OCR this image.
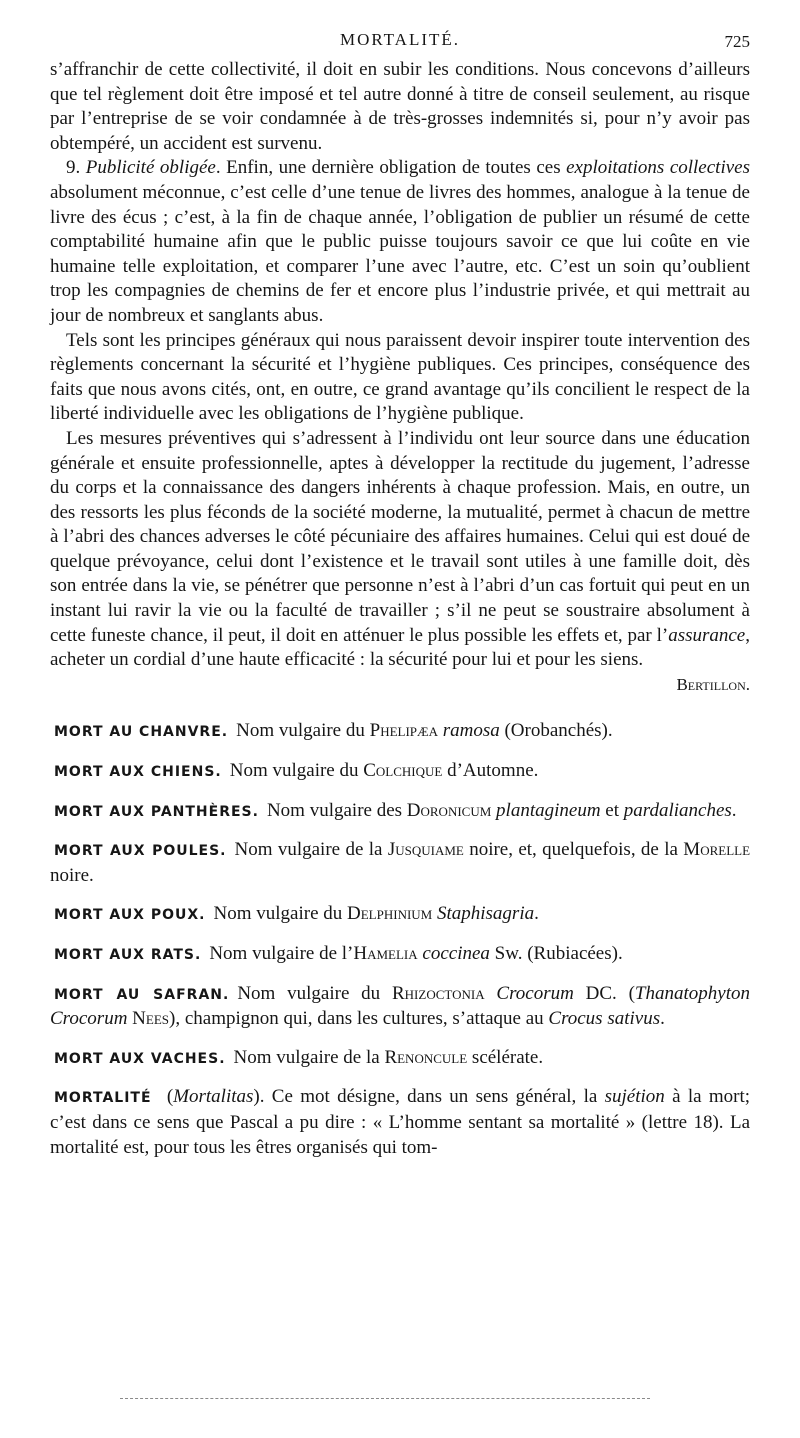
MORTALITÉ.	725

s’affranchir de cette collectivité, il doit en subir les conditions. Nous concevons d’ailleurs que tel règlement doit être imposé et tel autre donné à titre de conseil seulement, au risque par l’entreprise de se voir condamnée à de très-grosses indemnités si, pour n’y avoir pas obtempéré, un accident est survenu.

9. Publicité obligée. Enfin, une dernière obligation de toutes ces exploitations collectives absolument méconnue, c’est celle d’une tenue de livres des hommes, analogue à la tenue de livre des écus ; c’est, à la fin de chaque année, l’obligation de publier un résumé de cette comptabilité humaine afin que le public puisse toujours savoir ce que lui coûte en vie humaine telle exploitation, et comparer l’une avec l’autre, etc. C’est un soin qu’oublient trop les compagnies de chemins de fer et encore plus l’industrie privée, et qui mettrait au jour de nombreux et sanglants abus.

Tels sont les principes généraux qui nous paraissent devoir inspirer toute intervention des règlements concernant la sécurité et l’hygiène publiques. Ces principes, conséquence des faits que nous avons cités, ont, en outre, ce grand avantage qu’ils concilient le respect de la liberté individuelle avec les obligations de l’hygiène publique.

Les mesures préventives qui s’adressent à l’individu ont leur source dans une éducation générale et ensuite professionnelle, aptes à développer la rectitude du jugement, l’adresse du corps et la connaissance des dangers inhérents à chaque profession. Mais, en outre, un des ressorts les plus féconds de la société moderne, la mutualité, permet à chacun de mettre à l’abri des chances adverses le côté pécuniaire des affaires humaines. Celui qui est doué de quelque prévoyance, celui dont l’existence et le travail sont utiles à une famille doit, dès son entrée dans la vie, se pénétrer que personne n’est à l’abri d’un cas fortuit qui peut en un instant lui ravir la vie ou la faculté de travailler ; s’il ne peut se soustraire absolument à cette funeste chance, il peut, il doit en atténuer le plus possible les effets et, par l’assurance, acheter un cordial d’une haute efficacité : la sécurité pour lui et pour les siens.

Bertillon.

MORT AU CHANVRE. Nom vulgaire du Phelipæa ramosa (Orobanchés).

MORT AUX CHIENS. Nom vulgaire du Colchique d’Automne.

MORT AUX PANTHÈRES. Nom vulgaire des Doronicum plantagineum et pardalianches.

MORT AUX POULES. Nom vulgaire de la Jusquiame noire, et, quelquefois, de la Morelle noire.

MORT AUX POUX. Nom vulgaire du Delphinium Staphisagria.

MORT AUX RATS. Nom vulgaire de l’Hamelia coccinea Sw. (Rubiacées).

MORT AU SAFRAN. Nom vulgaire du Rhizoctonia Crocorum DC. (Thanatophyton Crocorum Nees), champignon qui, dans les cultures, s’attaque au Crocus sativus.

MORT AUX VACHES. Nom vulgaire de la Renoncule scélérate.

MORTALITÉ (Mortalitas). Ce mot désigne, dans un sens général, la sujétion à la mort; c’est dans ce sens que Pascal a pu dire : « L’homme sentant sa mortalité » (lettre 18). La mortalité est, pour tous les êtres organisés qui tom-
